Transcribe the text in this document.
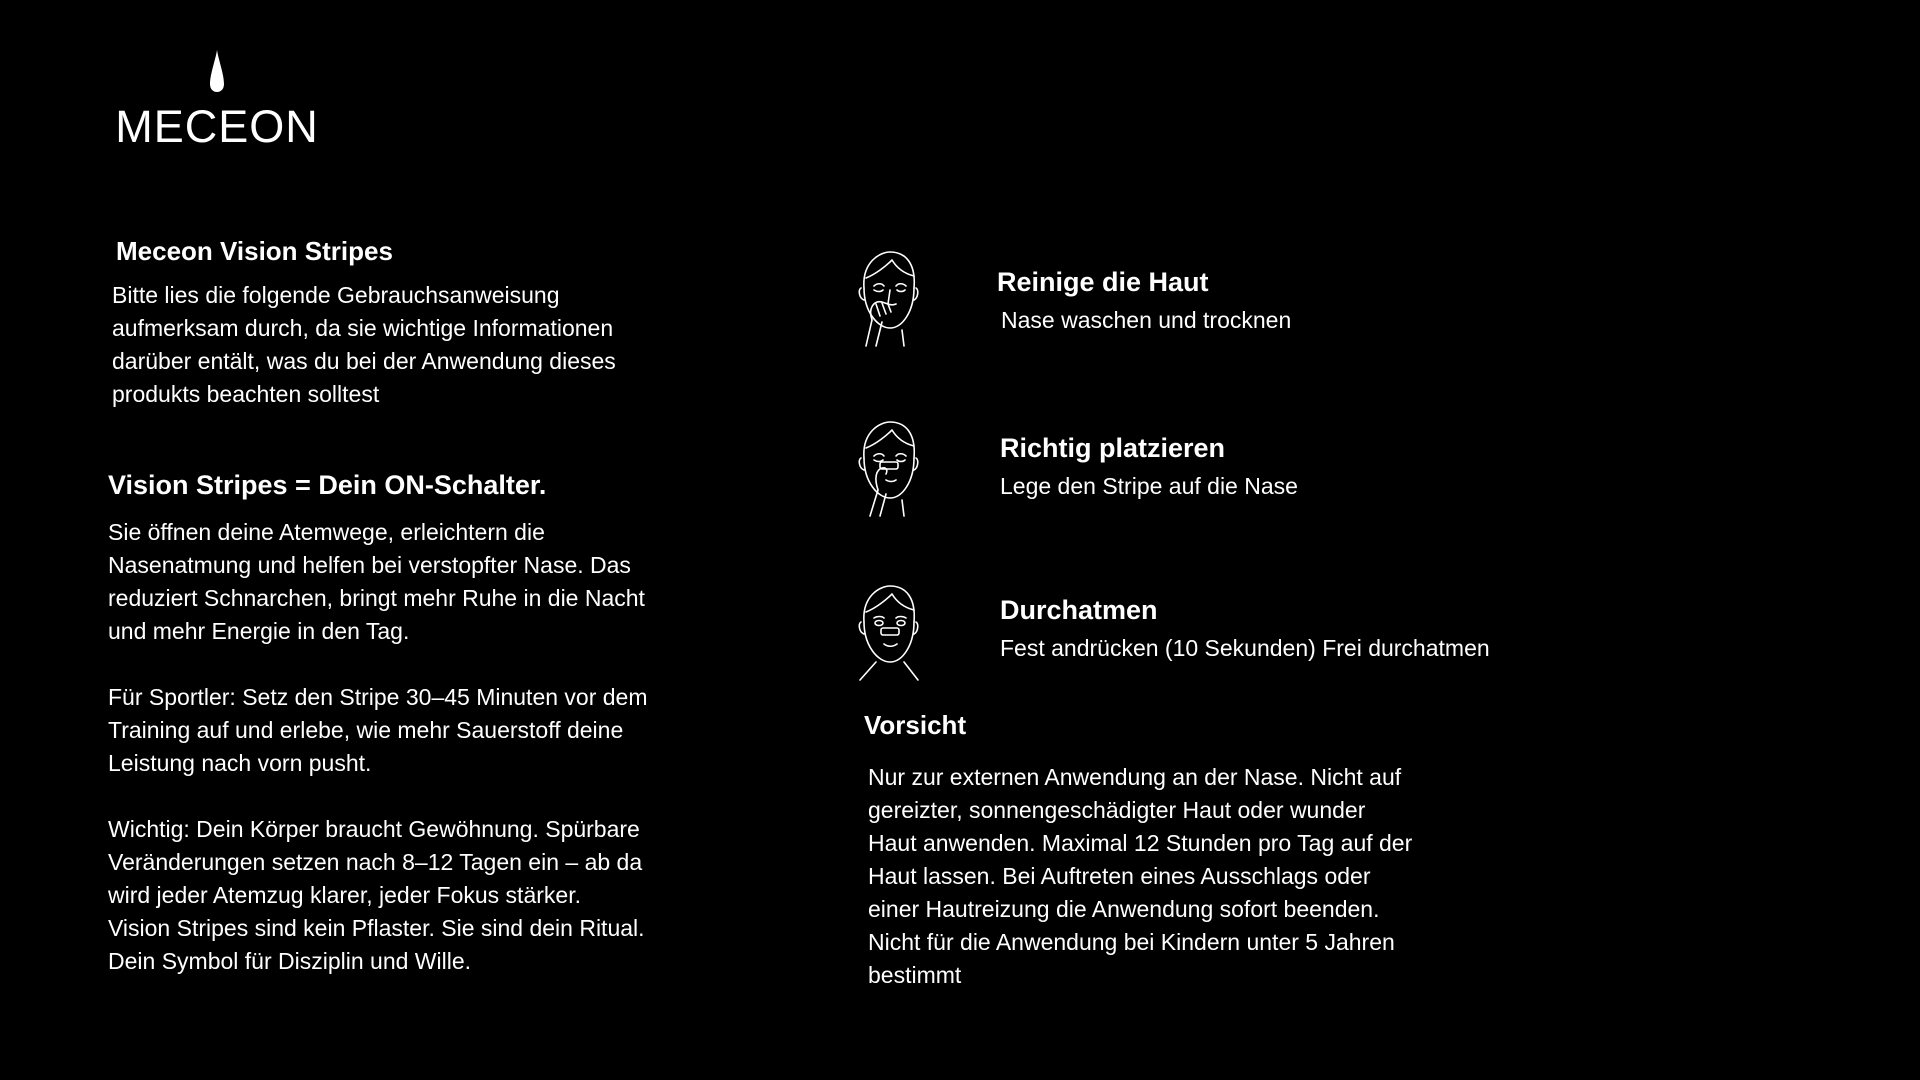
MECEON
Meceon Vision Stripes

Bitte lies die folgende Gebrauchsanweisung
aufmerksam durch, da sie wichtige Informationen
darüber entält, was du bei der Anwendung dieses
produkts beachten solltest

Vision Stripes = Dein ON-Schalter.

Sie öffnen deine Atemwege, erleichtern die
Nasenatmung und helfen bei verstopfter Nase. Das
reduziert Schnarchen, bringt mehr Ruhe in die Nacht
und mehr Energie in den Tag.

Für Sportler: Setz den Stripe 30–45 Minuten vor dem
Training auf und erlebe, wie mehr Sauerstoff deine
Leistung nach vorn pusht.

Wichtig: Dein Körper braucht Gewöhnung. Spürbare
Veränderungen setzen nach 8–12 Tagen ein – ab da
wird jeder Atemzug klarer, jeder Fokus stärker.
Vision Stripes sind kein Pflaster. Sie sind dein Ritual.
Dein Symbol für Disziplin und Wille.

Reinige die Haut

Nase waschen und trocknen

Richtig platzieren

Lege den Stripe auf die Nase

Durchatmen

Fest andrücken (10 Sekunden) Frei durchatmen

Vorsicht

Nur zur externen Anwendung an der Nase. Nicht auf
gereizter, sonnengeschädigter Haut oder wunder
Haut anwenden. Maximal 12 Stunden pro Tag auf der
Haut lassen. Bei Auftreten eines Ausschlags oder
einer Hautreizung die Anwendung sofort beenden.
Nicht für die Anwendung bei Kindern unter 5 Jahren
bestimmt
